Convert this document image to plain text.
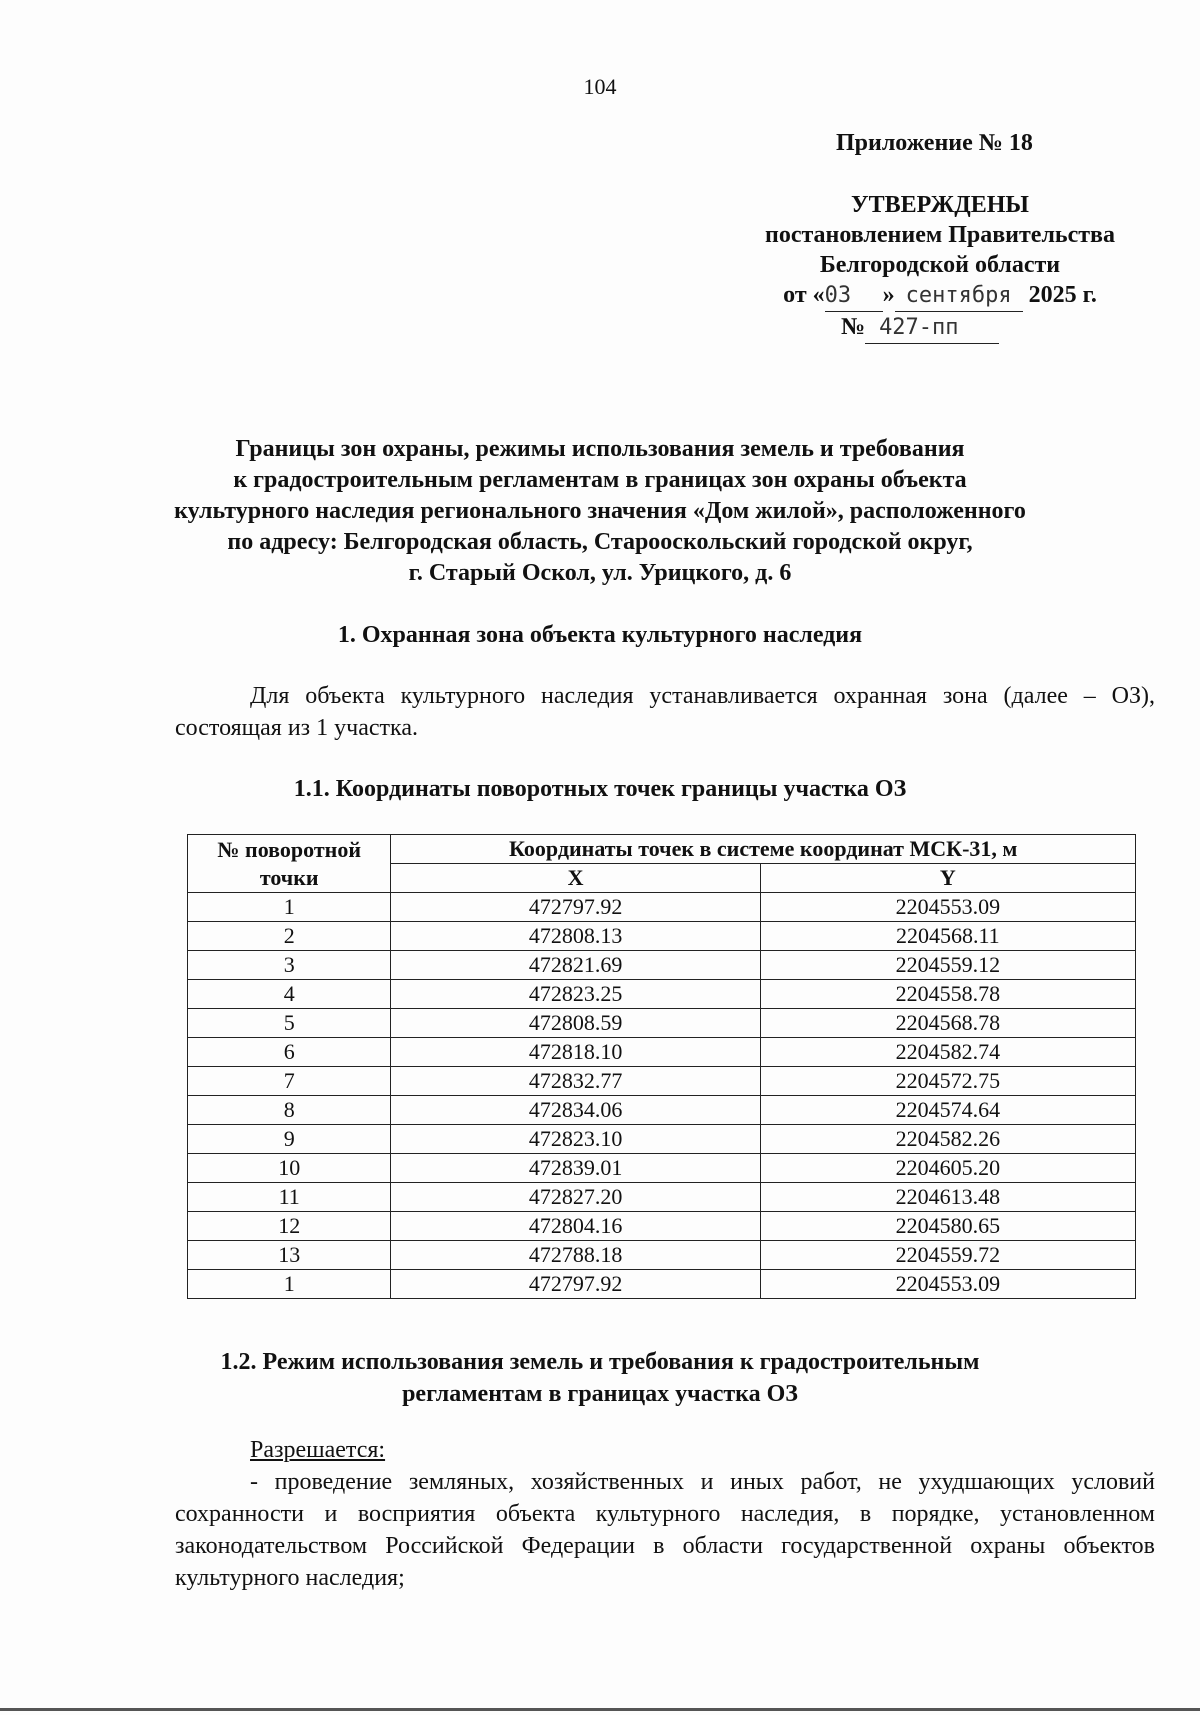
104
Приложение № 18
УТВЕРЖДЕНЫ
постановлением Правительства
Белгородской области
от «03 » сентября 2025 г.
№ 427-пп
Границы зон охраны, режимы использования земель и требования
к градостроительным регламентам в границах зон охраны объекта
культурного наследия регионального значения «Дом жилой», расположенного
по адресу: Белгородская область, Старооскольский городской округ,
г. Старый Оскол, ул. Урицкого, д. 6
1. Охранная зона объекта культурного наследия
Для объекта культурного наследия устанавливается охранная зона (далее – ОЗ), состоящая из 1 участка.
1.1. Координаты поворотных точек границы участка ОЗ
№ поворотной
точки	Координаты точек в системе координат МСК-31, м	
	X	Y
1	472797.92	2204553.09
2	472808.13	2204568.11
3	472821.69	2204559.12
4	472823.25	2204558.78
5	472808.59	2204568.78
6	472818.10	2204582.74
7	472832.77	2204572.75
8	472834.06	2204574.64
9	472823.10	2204582.26
10	472839.01	2204605.20
11	472827.20	2204613.48
12	472804.16	2204580.65
13	472788.18	2204559.72
1	472797.92	2204553.09
1.2. Режим использования земель и требования к градостроительным
регламентам в границах участка ОЗ
Разрешается:
- проведение земляных, хозяйственных и иных работ, не ухудшающих условий сохранности и восприятия объекта культурного наследия, в порядке, установленном законодательством Российской Федерации в области государственной охраны объектов культурного наследия;
